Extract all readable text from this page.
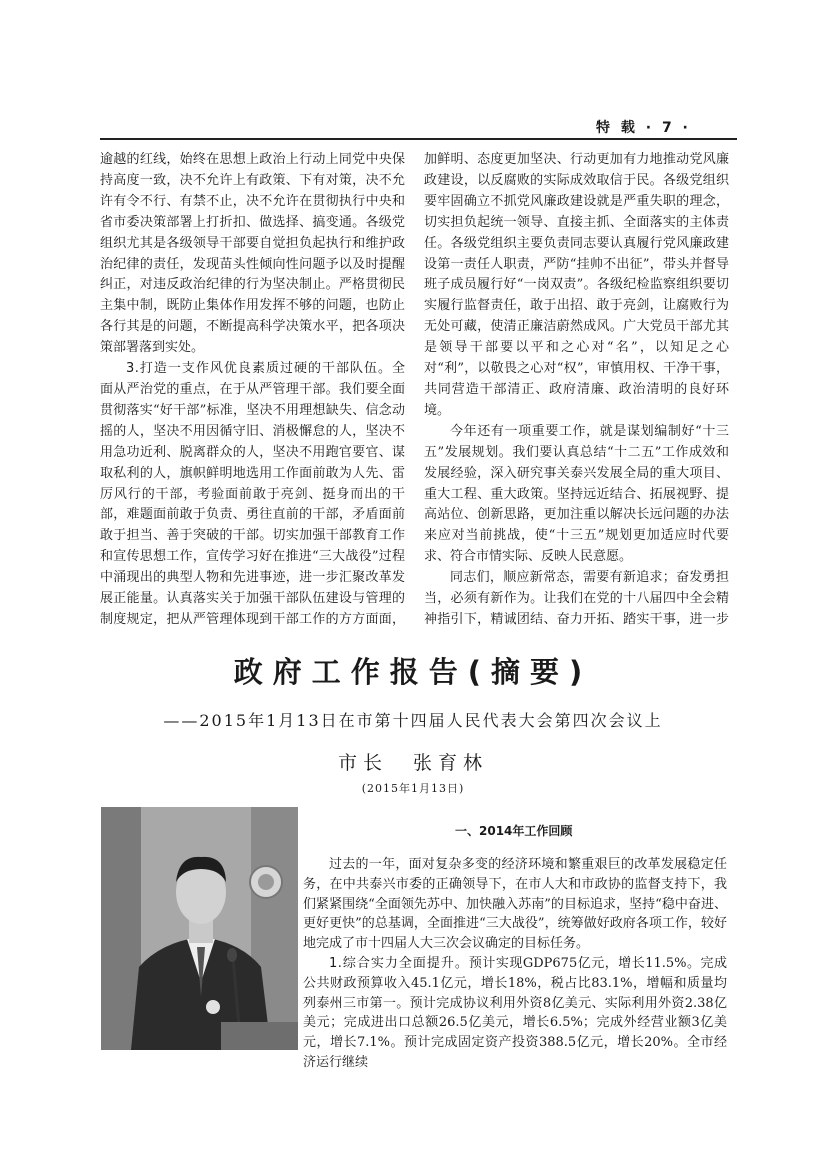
特 载 · 7 ·

逾越的红线，始终在思想上政治上行动上同党中央保持高度一致，决不允许上有政策、下有对策，决不允许有令不行、有禁不止，决不允许在贯彻执行中央和省市委决策部署上打折扣、做选择、搞变通。各级党组织尤其是各级领导干部要自觉担负起执行和维护政治纪律的责任，发现苗头性倾向性问题予以及时提醒纠正，对违反政治纪律的行为坚决制止。严格贯彻民主集中制，既防止集体作用发挥不够的问题，也防止各行其是的问题，不断提高科学决策水平，把各项决策部署落到实处。

3.打造一支作风优良素质过硬的干部队伍。全面从严治党的重点，在于从严管理干部。我们要全面贯彻落实“好干部”标准，坚决不用理想缺失、信念动摇的人，坚决不用因循守旧、消极懈怠的人，坚决不用急功近利、脱离群众的人，坚决不用跑官要官、谋取私利的人，旗帜鲜明地选用工作面前敢为人先、雷厉风行的干部，考验面前敢于亮剑、挺身而出的干部，难题面前敢于负责、勇往直前的干部，矛盾面前敢于担当、善于突破的干部。切实加强干部教育工作和宣传思想工作，宣传学习好在推进“三大战役”过程中涌现出的典型人物和先进事迹，进一步汇聚改革发展正能量。认真落实关于加强干部队伍建设与管理的制度规定，把从严管理体现到干部工作的方方面面，

加鲜明、态度更加坚决、行动更加有力地推动党风廉政建设，以反腐败的实际成效取信于民。各级党组织要牢固确立不抓党风廉政建设就是严重失职的理念，切实担负起统一领导、直接主抓、全面落实的主体责任。各级党组织主要负责同志要认真履行党风廉政建设第一责任人职责，严防“挂帅不出征”，带头并督导班子成员履行好“一岗双责”。各级纪检监察组织要切实履行监督责任，敢于出招、敢于亮剑，让腐败行为无处可藏，使清正廉洁蔚然成风。广大党员干部尤其是领导干部要以平和之心对“名”，以知足之心对“利”，以敬畏之心对“权”，审慎用权、干净干事，共同营造干部清正、政府清廉、政治清明的良好环境。

今年还有一项重要工作，就是谋划编制好“十三五”发展规划。我们要认真总结“十二五”工作成效和发展经验，深入研究事关泰兴发展全局的重大项目、重大工程、重大政策。坚持远近结合、拓展视野、提高站位、创新思路，更加注重以解决长远问题的办法来应对当前挑战，使“十三五”规划更加适应时代要求、符合市情实际、反映人民意愿。

同志们，顺应新常态，需要有新追求；奋发勇担当，必须有新作为。让我们在党的十八届四中全会精神指引下，精诚团结、奋力开拓、踏实干事，进一步

政府工作报告(摘要)
——2015年1月13日在市第十四届人民代表大会第四次会议上
市长　张育林
(2015年1月13日)
一、2014年工作回顾

过去的一年，面对复杂多变的经济环境和繁重艰巨的改革发展稳定任务，在中共泰兴市委的正确领导下，在市人大和市政协的监督支持下，我们紧紧围绕“全面领先苏中、加快融入苏南”的目标追求，坚持“稳中奋进、更好更快”的总基调，全面推进“三大战役”，统筹做好政府各项工作，较好地完成了市十四届人大三次会议确定的目标任务。

1.综合实力全面提升。预计实现GDP675亿元，增长11.5%。完成公共财政预算收入45.1亿元，增长18%，税占比83.1%，增幅和质量均列泰州三市第一。预计完成协议利用外资8亿美元、实际利用外资2.38亿美元；完成进出口总额26.5亿美元，增长6.5%；完成外经营业额3亿美元，增长7.1%。预计完成固定资产投资388.5亿元，增长20%。全市经济运行继续
